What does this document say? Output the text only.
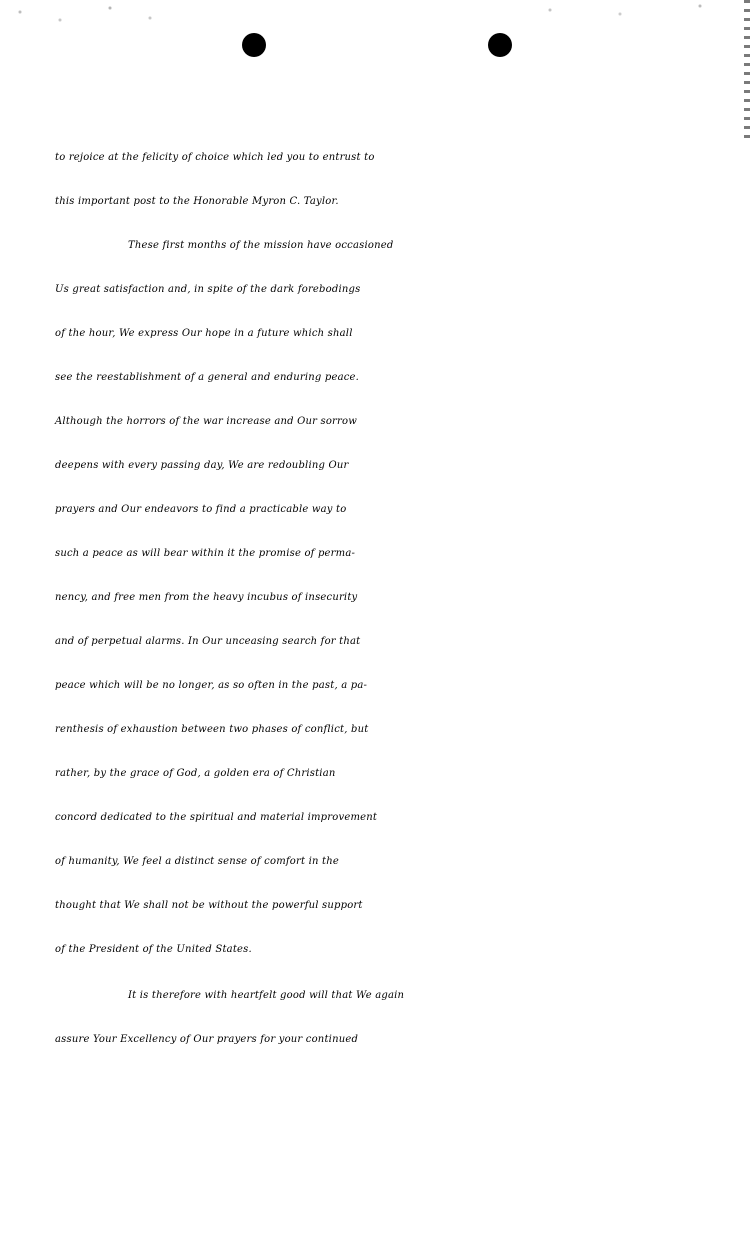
to rejoice at the felicity of choice which led you to entrust to
this important post to the Honorable Myron C. Taylor.
These first months of the mission have occasioned
Us great satisfaction and, in spite of the dark forebodings
of the hour, We express Our hope in a future which shall
see the reestablishment of a general and enduring peace.
Although the horrors of the war increase and Our sorrow
deepens with every passing day, We are redoubling Our
prayers and Our endeavors to find a practicable way to
such a peace as will bear within it the promise of perma-
nency, and free men from the heavy incubus of insecurity
and of perpetual alarms. In Our unceasing search for that
peace which will be no longer, as so often in the past, a pa-
renthesis of exhaustion between two phases of conflict, but
rather, by the grace of God, a golden era of Christian
concord dedicated to the spiritual and material improvement
of humanity, We feel a distinct sense of comfort in the
thought that We shall not be without the powerful support
of the President of the United States.
It is therefore with heartfelt good will that We again
assure Your Excellency of Our prayers for your continued
